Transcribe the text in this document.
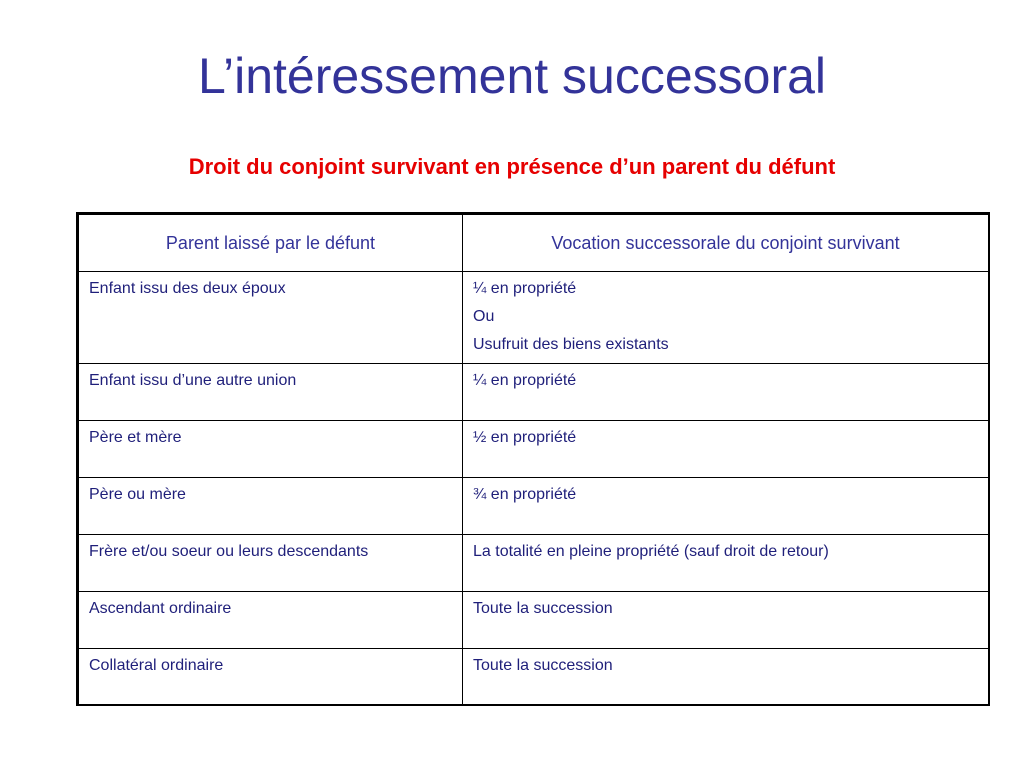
L’intéressement successoral
Droit du conjoint survivant en présence d’un parent du défunt
Parent laissé par le défunt	Vocation successorale du conjoint survivant
Enfant issu des deux époux	¼ en propriété
Ou
Usufruit des biens existants

Enfant issu d’une autre union	¼ en propriété
Père et mère	½ en propriété
Père ou mère	¾ en propriété
Frère et/ou soeur ou leurs descendants	La totalité en pleine propriété (sauf droit de retour)
Ascendant ordinaire	Toute la succession
Collatéral ordinaire	Toute la succession
